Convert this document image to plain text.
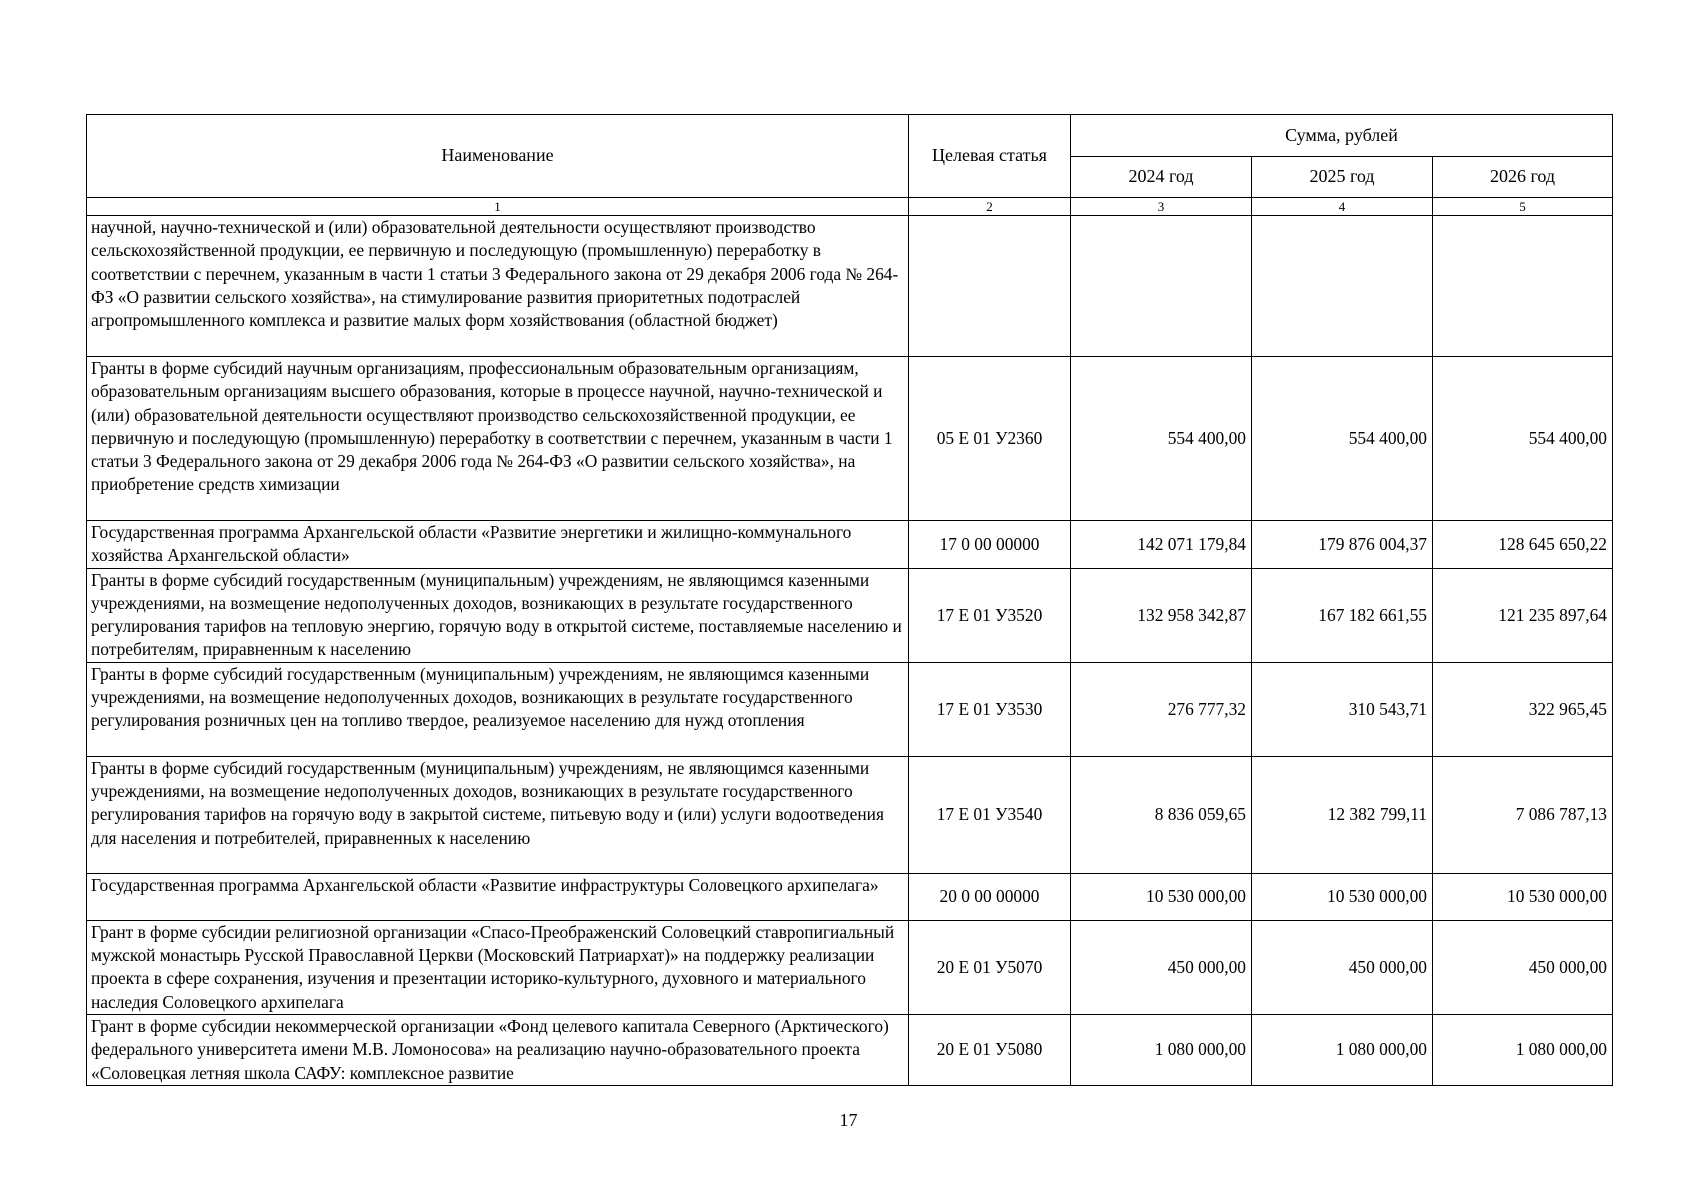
Наименование	Целевая статья	Сумма, рублей		
		2024 год	2025 год	2026 год
1	2	3	4	5
научной, научно-технической и (или) образовательной деятельности осуществляют производство сельскохозяйственной продукции, ее первичную и последующую (промышленную) переработку в соответствии с перечнем, указанным в части 1 статьи 3 Федерального закона от 29 декабря 2006 года № 264-ФЗ «О развитии сельского хозяйства», на стимулирование развития приоритетных подотраслей агропромышленного комплекса и развитие малых форм хозяйствования (областной бюджет)				
Гранты в форме субсидий научным организациям, профессиональным образовательным организациям, образовательным организациям высшего образования, которые в процессе научной, научно-технической и (или) образовательной деятельности осуществляют производство сельскохозяйственной продукции, ее первичную и последующую (промышленную) переработку в соответствии с перечнем, указанным в части 1 статьи 3 Федерального закона от 29 декабря 2006 года № 264-ФЗ «О развитии сельского хозяйства», на приобретение средств химизации	05 Е 01 У2360	554 400,00	554 400,00	554 400,00
Государственная программа Архангельской области «Развитие энергетики и жилищно-коммунального хозяйства Архангельской области»	17 0 00 00000	142 071 179,84	179 876 004,37	128 645 650,22
Гранты в форме субсидий государственным (муниципальным) учреждениям, не являющимся казенными учреждениями, на возмещение недополученных доходов, возникающих в результате государственного регулирования тарифов на тепловую энергию, горячую воду в открытой системе, поставляемые населению и потребителям, приравненным к населению	17 Е 01 У3520	132 958 342,87	167 182 661,55	121 235 897,64
Гранты в форме субсидий государственным (муниципальным) учреждениям, не являющимся казенными учреждениями, на возмещение недополученных доходов, возникающих в результате государственного регулирования розничных цен на топливо твердое, реализуемое населению для нужд отопления	17 Е 01 У3530	276 777,32	310 543,71	322 965,45
Гранты в форме субсидий государственным (муниципальным) учреждениям, не являющимся казенными учреждениями, на возмещение недополученных доходов, возникающих в результате государственного регулирования тарифов на горячую воду в закрытой системе, питьевую воду и (или) услуги водоотведения для населения и потребителей, приравненных к населению	17 Е 01 У3540	8 836 059,65	12 382 799,11	7 086 787,13
Государственная программа Архангельской области «Развитие инфраструктуры Соловецкого архипелага»	20 0 00 00000	10 530 000,00	10 530 000,00	10 530 000,00
Грант в форме субсидии религиозной организации «Спасо-Преображенский Соловецкий ставропигиальный мужской монастырь Русской Православной Церкви (Московский Патриархат)» на поддержку реализации проекта в сфере сохранения, изучения и презентации историко-культурного, духовного и материального наследия Соловецкого архипелага	20 Е 01 У5070	450 000,00	450 000,00	450 000,00
Грант в форме субсидии некоммерческой организации «Фонд целевого капитала Северного (Арктического) федерального университета имени М.В. Ломоносова» на реализацию научно-образовательного проекта «Соловецкая летняя школа САФУ: комплексное развитие	20 Е 01 У5080	1 080 000,00	1 080 000,00	1 080 000,00
17
